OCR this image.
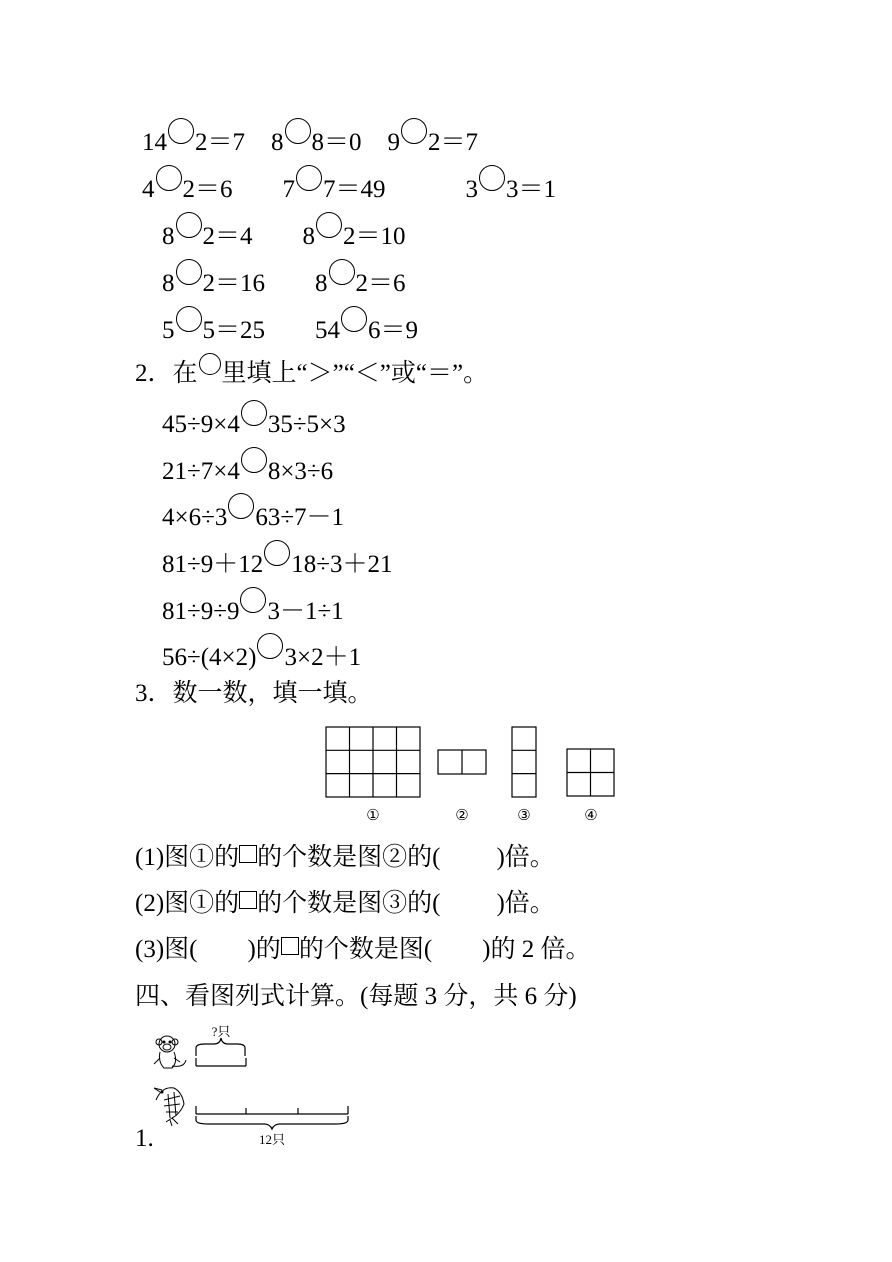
14 2＝7 8 8＝0 9 2＝7
4 2＝6 7 7＝49	3 3＝1
8 2＝4 8 2＝10
8 2＝16 8 2＝6
5 5＝25 54 6＝9
2．在 里填上“＞”“＜”或“＝”。
45÷9×4 35÷5×3
21÷7×4 8×3÷6
4×6÷3 63÷7－1
81÷9＋12 18÷3＋21
81÷9÷9 3－1÷1
56÷(4×2) 3×2＋1
3．数一数，填一填。
①	②	③	④
(1)图①的 的个数是图②的( )倍。
(2)图①的 的个数是图③的( )倍。
(3)图( )的 的个数是图( )的 2 倍。
四、看图列式计算。(每题 3 分，共 6 分)
?只
12只
1.
